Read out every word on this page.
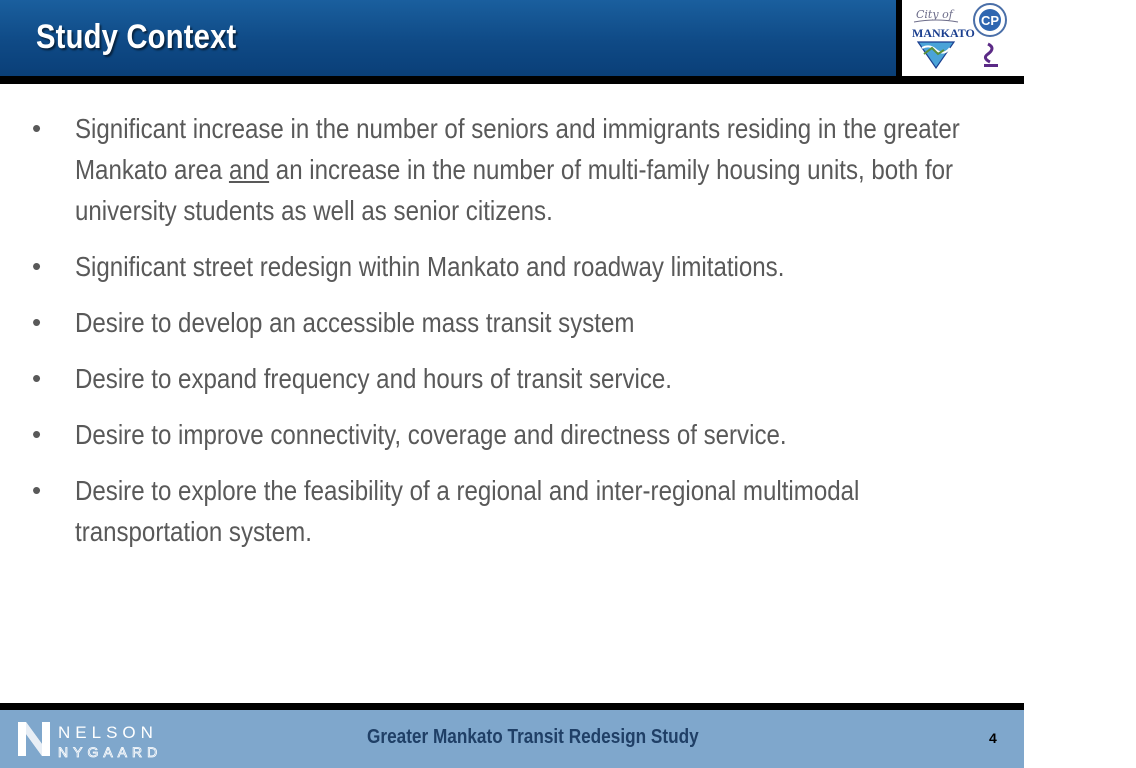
Study Context
City of
MANKATO
CP
• Significant increase in the number of seniors and immigrants residing in the greater Mankato area and an increase in the number of multi-family housing units, both for university students as well as senior citizens.
• Significant street redesign within Mankato and roadway limitations.
• Desire to develop an accessible mass transit system
• Desire to expand frequency and hours of transit service.
• Desire to improve connectivity, coverage and directness of service.
• Desire to explore the feasibility of a regional and inter-regional multimodal transportation system.
NELSON
NYGAARD
Greater Mankato Transit Redesign Study	4
